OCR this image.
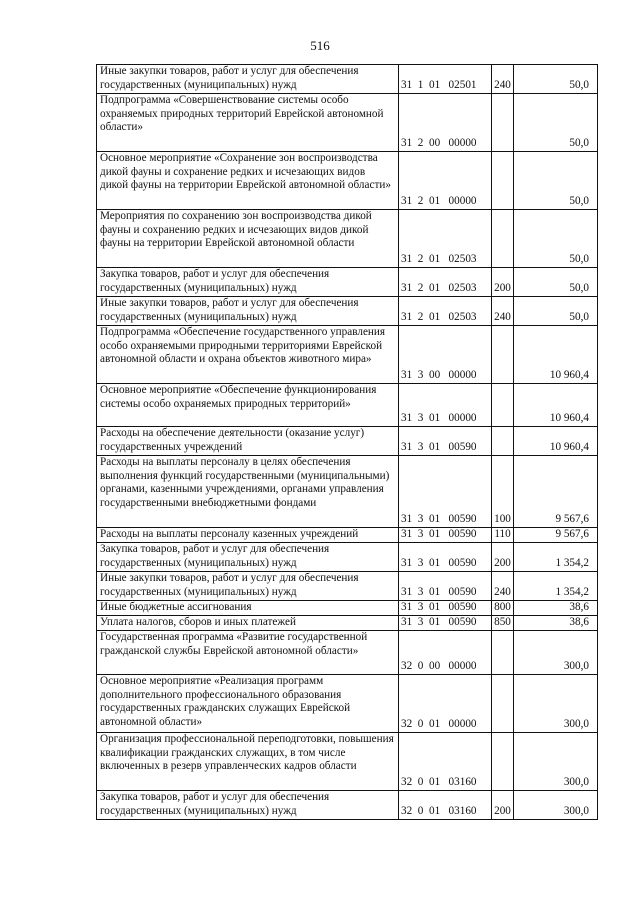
516
Иные закупки товаров, работ и услуг для обеспечения государственных (муниципальных) нужд	31  1  01   02501	240	50,0

Подпрограмма «Совершенствование системы особо охраняемых природных территорий Еврейской автономной области»	31  2  00   00000		50,0

Основное мероприятие «Сохранение зон воспроизводства дикой фауны и сохранение редких и исчезающих видов дикой фауны на территории Еврейской автономной области»	31  2  01   00000		50,0

Мероприятия по сохранению зон воспроизводства дикой фауны и сохранению редких и исчезающих видов дикой фауны на территории Еврейской автономной области	31  2  01   02503		50,0

Закупка товаров, работ и услуг для обеспечения государственных (муниципальных) нужд	31  2  01   02503	200	50,0

Иные закупки товаров, работ и услуг для обеспечения государственных (муниципальных) нужд	31  2  01   02503	240	50,0

Подпрограмма «Обеспечение государственного управления особо охраняемыми природными территориями Еврейской автономной области и охрана объектов животного мира»	31  3  00   00000		10 960,4

Основное мероприятие «Обеспечение функционирования системы особо охраняемых природных территорий»	31  3  01   00000		10 960,4

Расходы на обеспечение деятельности (оказание услуг) государственных учреждений	31  3  01   00590		10 960,4

Расходы на выплаты персоналу в целях обеспечения выполнения функций государственными (муниципальными) органами, казенными учреждениями, органами управления государственными внебюджетными фондами	31  3  01   00590	100	9 567,6

Расходы на выплаты персоналу казенных учреждений	31  3  01   00590	110	9 567,6

Закупка товаров, работ и услуг для обеспечения государственных (муниципальных) нужд	31  3  01   00590	200	1 354,2

Иные закупки товаров, работ и услуг для обеспечения государственных (муниципальных) нужд	31  3  01   00590	240	1 354,2

Иные бюджетные ассигнования	31  3  01   00590	800	38,6

Уплата налогов, сборов и иных платежей	31  3  01   00590	850	38,6

Государственная программа «Развитие государственной гражданской службы Еврейской автономной области»	32  0  00   00000		300,0

Основное мероприятие «Реализация программ дополнительного профессионального образования государственных гражданских служащих Еврейской автономной области»	32  0  01   00000		300,0

Организация профессиональной переподготовки, повышения квалификации гражданских служащих, в том числе включенных в резерв управленческих кадров области	32  0  01   03160		300,0

Закупка товаров, работ и услуг для обеспечения государственных (муниципальных) нужд	32  0  01   03160	200	300,0
